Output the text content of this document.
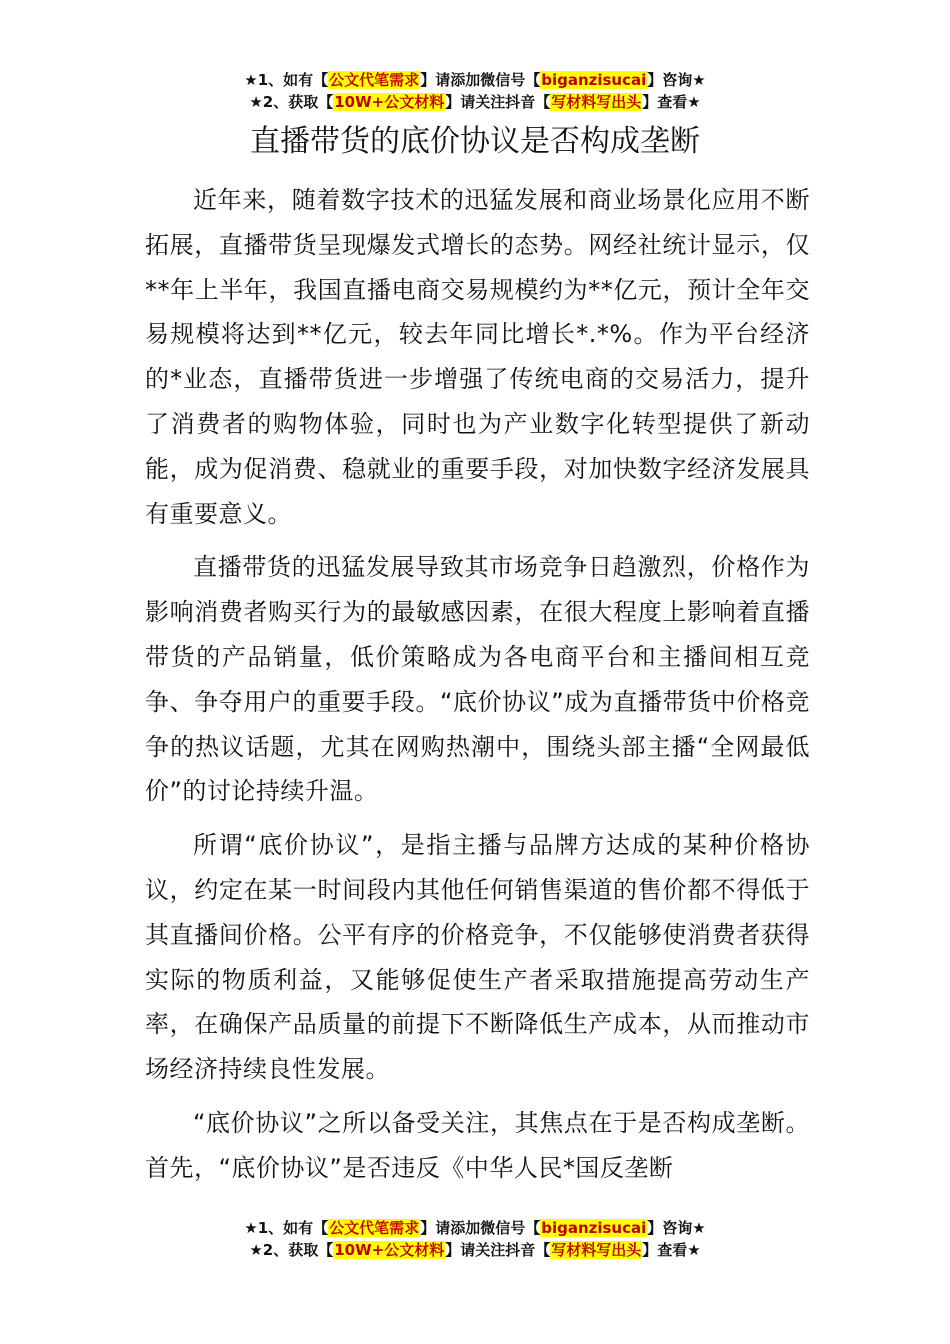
★1、如有【公文代笔需求】请添加微信号【biganzisucai】咨询★
★2、获取【10W+公文材料】请关注抖音【写材料写出头】查看★
直播带货的底价协议是否构成垄断

近年来，随着数字技术的迅猛发展和商业场景化应用不断拓展，直播带货呈现爆发式增长的态势。网经社统计显示，仅**年上半年，我国直播电商交易规模约为**亿元，预计全年交易规模将达到**亿元，较去年同比增长*.*%。作为平台经济的*业态，直播带货进一步增强了传统电商的交易活力，提升了消费者的购物体验，同时也为产业数字化转型提供了新动能，成为促消费、稳就业的重要手段，对加快数字经济发展具有重要意义。

直播带货的迅猛发展导致其市场竞争日趋激烈，价格作为影响消费者购买行为的最敏感因素，在很大程度上影响着直播带货的产品销量，低价策略成为各电商平台和主播间相互竞争、争夺用户的重要手段。“底价协议”成为直播带货中价格竞争的热议话题，尤其在网购热潮中，围绕头部主播“全网最低价”的讨论持续升温。

所谓“底价协议”，是指主播与品牌方达成的某种价格协议，约定在某一时间段内其他任何销售渠道的售价都不得低于其直播间价格。公平有序的价格竞争，不仅能够使消费者获得实际的物质利益，又能够促使生产者采取措施提高劳动生产率，在确保产品质量的前提下不断降低生产成本，从而推动市场经济持续良性发展。

“底价协议”之所以备受关注，其焦点在于是否构成垄断。首先，“底价协议”是否违反《中华人民*国反垄断

★1、如有【公文代笔需求】请添加微信号【biganzisucai】咨询★
★2、获取【10W+公文材料】请关注抖音【写材料写出头】查看★
